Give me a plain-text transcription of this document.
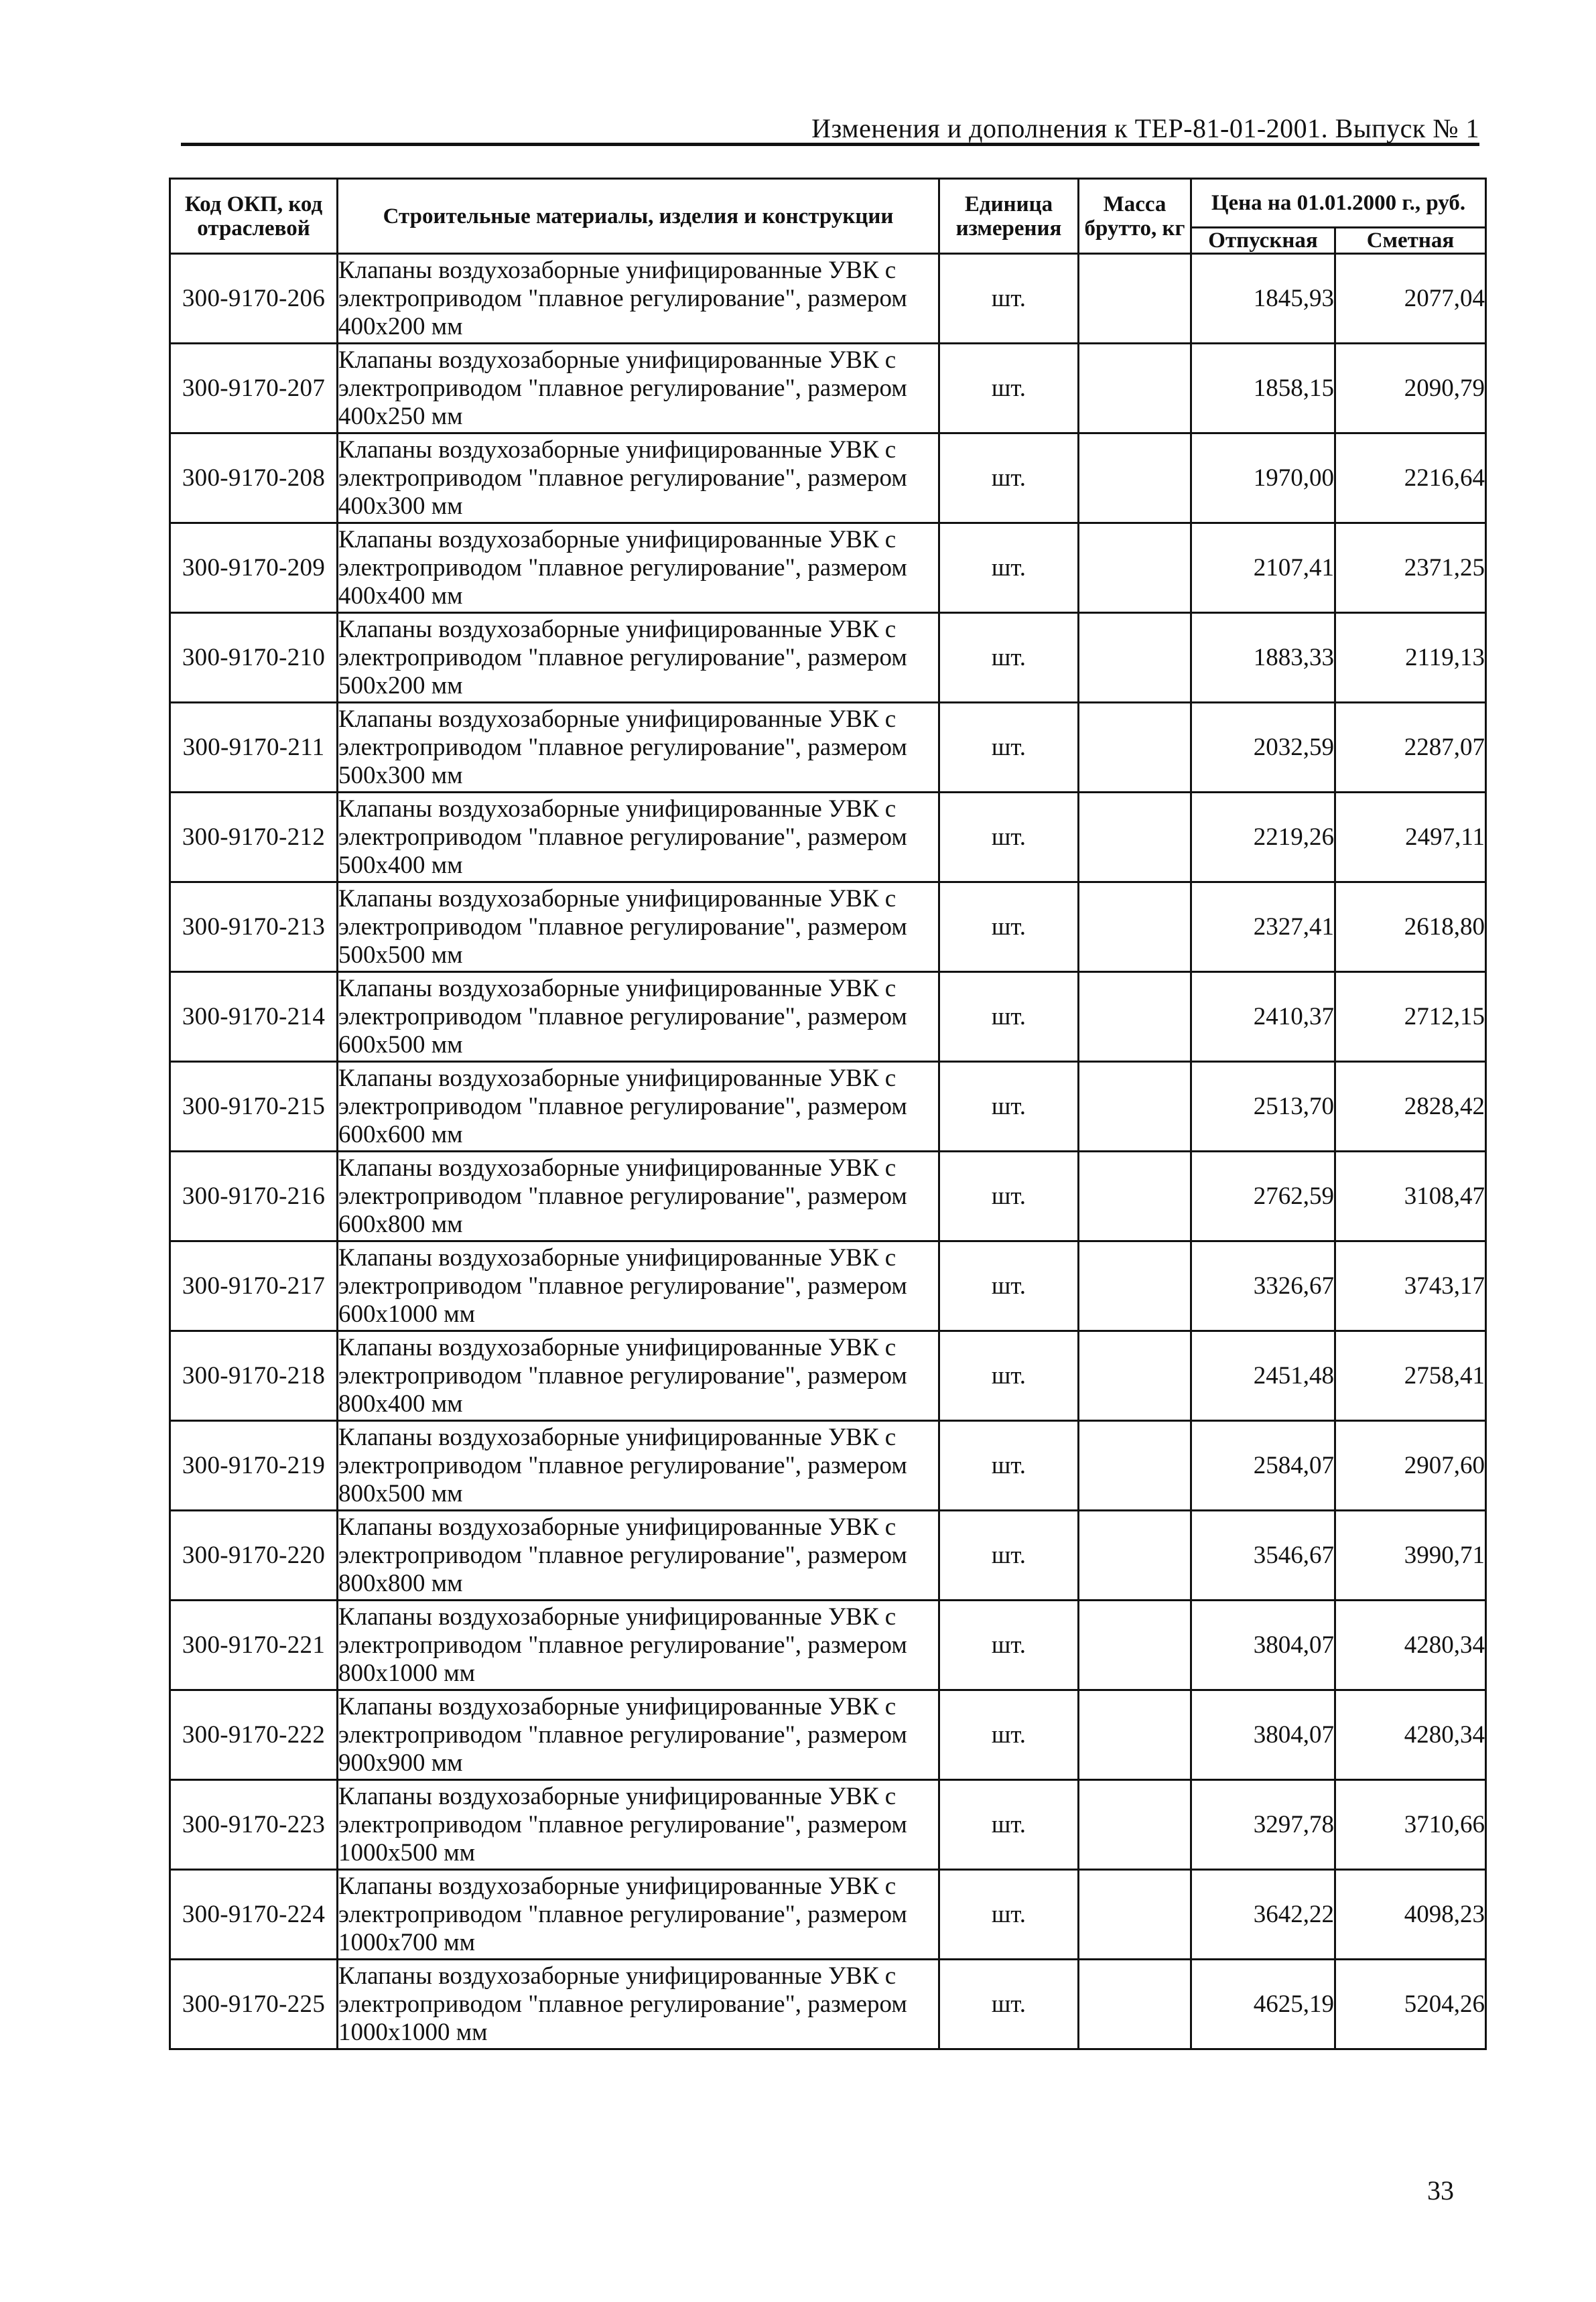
Изменения и дополнения к ТЕР-81-01-2001. Выпуск № 1
Код ОКП, код отраслевой	Строительные материалы, изделия и конструкции	Единица измерения	Масса брутто, кг	Цена на 01.01.2000 г., руб.	
				Отпускная	Сметная
300-9170-206	Клапаны воздухозаборные унифицированные УВК с электроприводом "плавное регулирование", размером 400х200 мм	шт.		1845,93	2077,04
300-9170-207	Клапаны воздухозаборные унифицированные УВК с электроприводом "плавное регулирование", размером 400х250 мм	шт.		1858,15	2090,79
300-9170-208	Клапаны воздухозаборные унифицированные УВК с электроприводом "плавное регулирование", размером 400х300 мм	шт.		1970,00	2216,64
300-9170-209	Клапаны воздухозаборные унифицированные УВК с электроприводом "плавное регулирование", размером 400х400 мм	шт.		2107,41	2371,25
300-9170-210	Клапаны воздухозаборные унифицированные УВК с электроприводом "плавное регулирование", размером 500х200 мм	шт.		1883,33	2119,13
300-9170-211	Клапаны воздухозаборные унифицированные УВК с электроприводом "плавное регулирование", размером 500х300 мм	шт.		2032,59	2287,07
300-9170-212	Клапаны воздухозаборные унифицированные УВК с электроприводом "плавное регулирование", размером 500х400 мм	шт.		2219,26	2497,11
300-9170-213	Клапаны воздухозаборные унифицированные УВК с электроприводом "плавное регулирование", размером 500х500 мм	шт.		2327,41	2618,80
300-9170-214	Клапаны воздухозаборные унифицированные УВК с электроприводом "плавное регулирование", размером 600х500 мм	шт.		2410,37	2712,15
300-9170-215	Клапаны воздухозаборные унифицированные УВК с электроприводом "плавное регулирование", размером 600х600 мм	шт.		2513,70	2828,42
300-9170-216	Клапаны воздухозаборные унифицированные УВК с электроприводом "плавное регулирование", размером 600х800 мм	шт.		2762,59	3108,47
300-9170-217	Клапаны воздухозаборные унифицированные УВК с электроприводом "плавное регулирование", размером 600х1000 мм	шт.		3326,67	3743,17
300-9170-218	Клапаны воздухозаборные унифицированные УВК с электроприводом "плавное регулирование", размером 800х400 мм	шт.		2451,48	2758,41
300-9170-219	Клапаны воздухозаборные унифицированные УВК с электроприводом "плавное регулирование", размером 800х500 мм	шт.		2584,07	2907,60
300-9170-220	Клапаны воздухозаборные унифицированные УВК с электроприводом "плавное регулирование", размером 800х800 мм	шт.		3546,67	3990,71
300-9170-221	Клапаны воздухозаборные унифицированные УВК с электроприводом "плавное регулирование", размером 800х1000 мм	шт.		3804,07	4280,34
300-9170-222	Клапаны воздухозаборные унифицированные УВК с электроприводом "плавное регулирование", размером 900х900 мм	шт.		3804,07	4280,34
300-9170-223	Клапаны воздухозаборные унифицированные УВК с электроприводом "плавное регулирование", размером 1000х500 мм	шт.		3297,78	3710,66
300-9170-224	Клапаны воздухозаборные унифицированные УВК с электроприводом "плавное регулирование", размером 1000х700 мм	шт.		3642,22	4098,23
300-9170-225	Клапаны воздухозаборные унифицированные УВК с электроприводом "плавное регулирование", размером 1000х1000 мм	шт.		4625,19	5204,26
33
